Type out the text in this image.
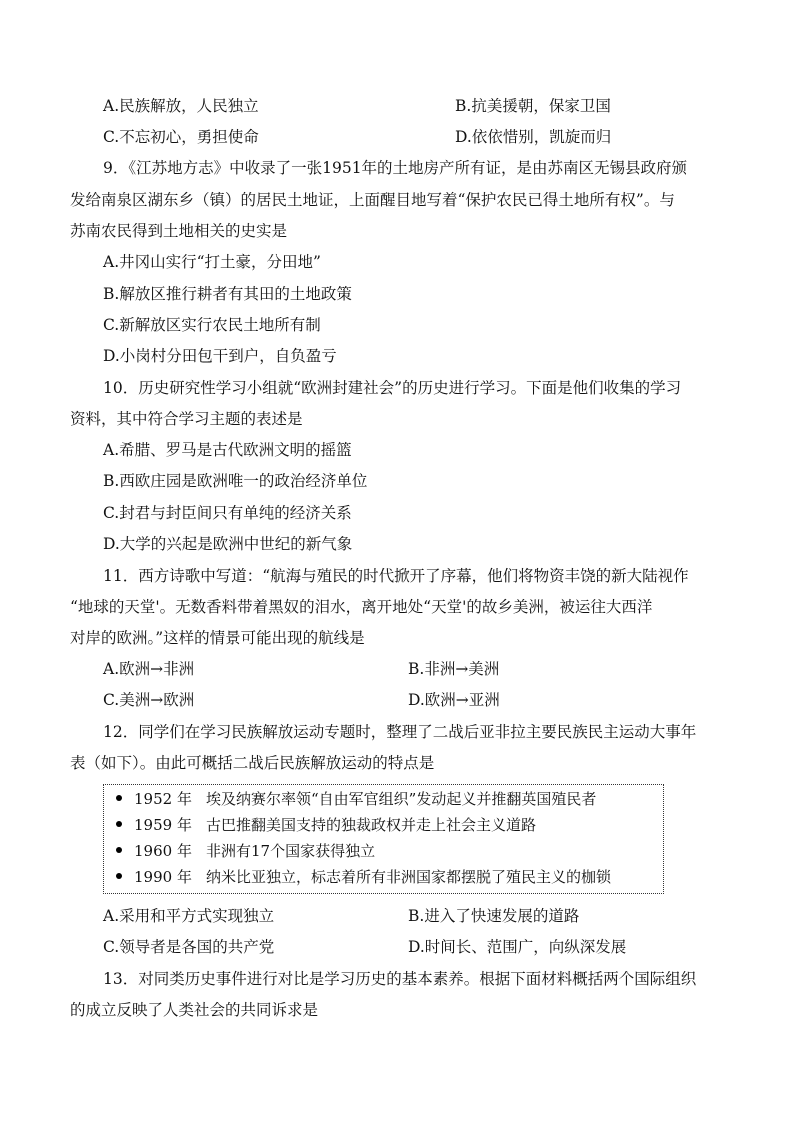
A.民族解放，人民独立	B.抗美援朝，保家卫国
C.不忘初心，勇担使命	D.依依惜别，凯旋而归
9．《江苏地方志》中收录了一张1951年的土地房产所有证，是由苏南区无锡县政府颁
发给南泉区湖东乡（镇）的居民土地证，上面醒目地写着“保护农民已得土地所有权”。与
苏南农民得到土地相关的史实是
A.井冈山实行“打土豪，分田地”
B.解放区推行耕者有其田的土地政策
C.新解放区实行农民土地所有制
D.小岗村分田包干到户，自负盈亏
10．历史研究性学习小组就“欧洲封建社会”的历史进行学习。下面是他们收集的学习
资料，其中符合学习主题的表述是
A.希腊、罗马是古代欧洲文明的摇篮
B.西欧庄园是欧洲唯一的政治经济单位
C.封君与封臣间只有单纯的经济关系
D.大学的兴起是欧洲中世纪的新气象
11．西方诗歌中写道：“航海与殖民的时代掀开了序幕，他们将物资丰饶的新大陆视作
“地球的天堂'。无数香料带着黑奴的泪水，离开地处“天堂'的故乡美洲，被运往大西洋
对岸的欧洲。”这样的情景可能出现的航线是
A.欧洲→非洲	B.非洲→美洲
C.美洲→欧洲	D.欧洲→亚洲
12．同学们在学习民族解放运动专题时，整理了二战后亚非拉主要民族民主运动大事年
表（如下）。由此可概括二战后民族解放运动的特点是
1952 年 埃及纳赛尔率领“自由军官组织”发动起义并推翻英国殖民者
1959 年 古巴推翻美国支持的独裁政权并走上社会主义道路
1960 年 非洲有17个国家获得独立
1990 年 纳米比亚独立，标志着所有非洲国家都摆脱了殖民主义的枷锁
A.采用和平方式实现独立	B.进入了快速发展的道路
C.领导者是各国的共产党	D.时间长、范围广，向纵深发展
13．对同类历史事件进行对比是学习历史的基本素养。根据下面材料概括两个国际组织
的成立反映了人类社会的共同诉求是
